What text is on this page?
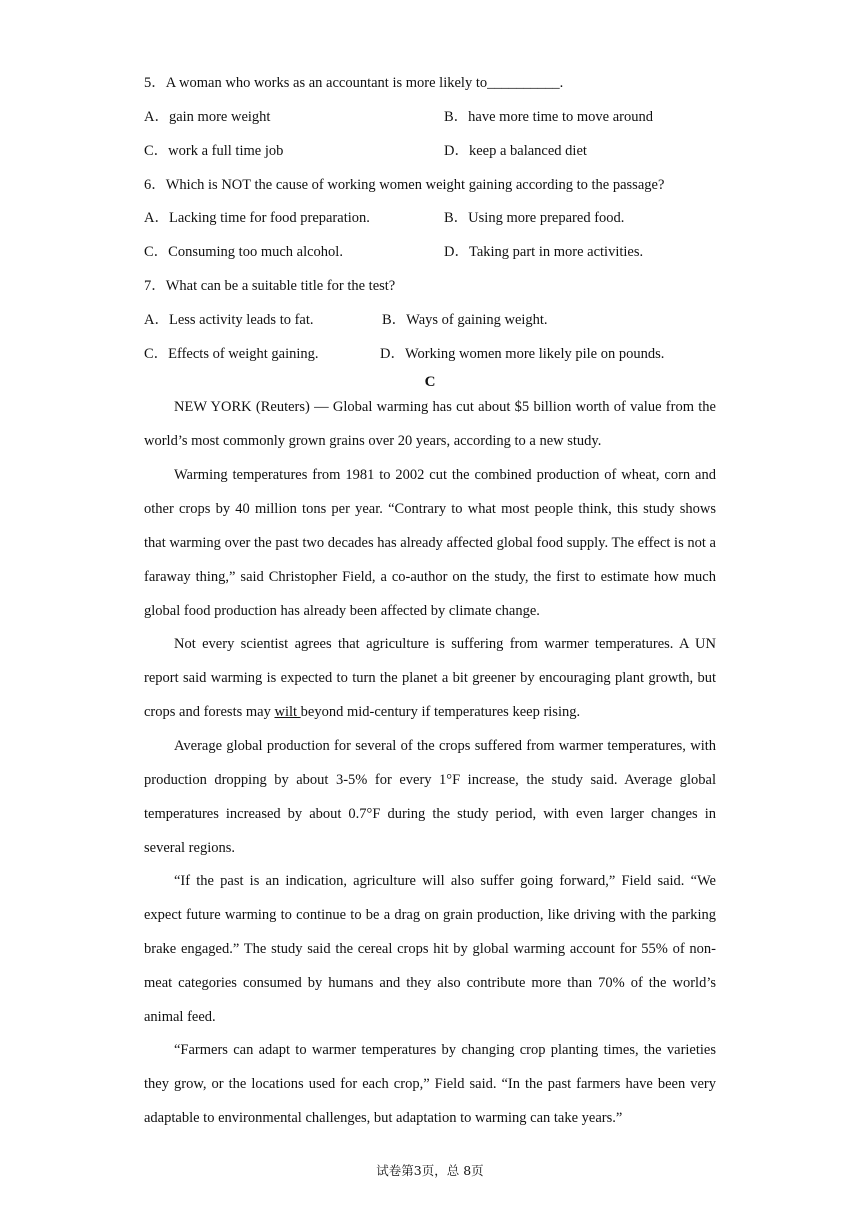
5．A woman who works as an accountant is more likely to__________.
A．gain more weight	B．have more time to move around
C．work a full time job	D．keep a balanced diet
6．Which is NOT the cause of working women weight gaining according to the passage?
A．Lacking time for food preparation.	B．Using more prepared food.
C．Consuming too much alcohol.	D．Taking part in more activities.
7．What can be a suitable title for the test?
A．Less activity leads to fat.	B．Ways of gaining weight.
C．Effects of weight gaining.	D．Working women more likely pile on pounds.
C
NEW YORK (Reuters) — Global warming has cut about $5 billion worth of value from the world’s most commonly grown grains over 20 years, according to a new study.
Warming temperatures from 1981 to 2002 cut the combined production of wheat, corn and other crops by 40 million tons per year. “Contrary to what most people think, this study shows that warming over the past two decades has already affected global food supply. The effect is not a faraway thing,” said Christopher Field, a co-author on the study, the first to estimate how much global food production has already been affected by climate change.
Not every scientist agrees that agriculture is suffering from warmer temperatures. A UN report said warming is expected to turn the planet a bit greener by encouraging plant growth, but crops and forests may wilt beyond mid-century if temperatures keep rising.
Average global production for several of the crops suffered from warmer temperatures, with production dropping by about 3-5% for every 1°F increase, the study said. Average global temperatures increased by about 0.7°F during the study period, with even larger changes in several regions.
“If the past is an indication, agriculture will also suffer going forward,” Field said. “We expect future warming to continue to be a drag on grain production, like driving with the parking brake engaged.” The study said the cereal crops hit by global warming account for 55% of non-meat categories consumed by humans and they also contribute more than 70% of the world’s animal feed.
“Farmers can adapt to warmer temperatures by changing crop planting times, the varieties they grow, or the locations used for each crop,” Field said. “In the past farmers have been very adaptable to environmental challenges, but adaptation to warming can take years.”
试卷第3页，总 8页
